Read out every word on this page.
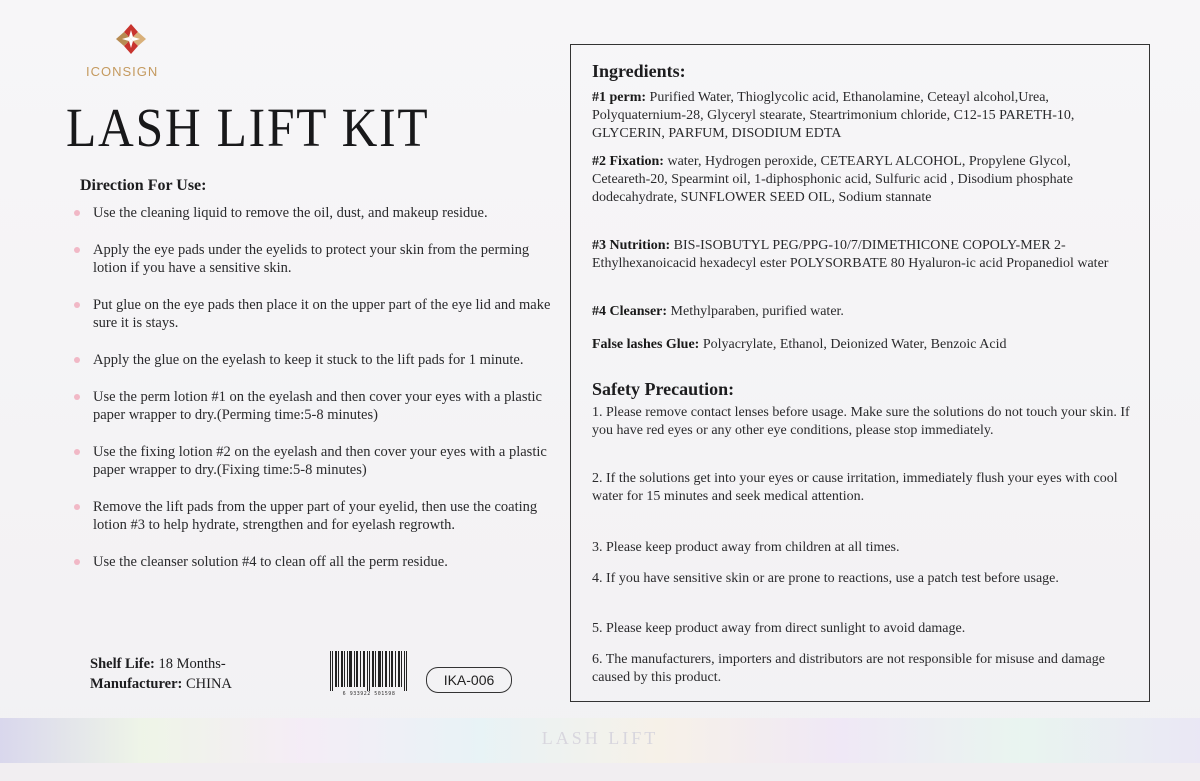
ICONSIGN
LASH LIFT KIT
Direction For Use:
Use the cleaning liquid to remove the oil, dust, and makeup residue.
Apply the eye pads under the eyelids to protect your skin from the perming lotion if you have a sensitive skin.
Put glue on the eye pads then place it on the upper part of the eye lid and make sure it is stays.
Apply the glue on the eyelash to keep it stuck to the lift pads for 1 minute.
Use the perm lotion #1 on the eyelash and then cover your eyes with a plastic paper wrapper to dry.(Perming time:5-8 minutes)
Use the fixing lotion #2 on the eyelash and then cover your eyes with a plastic paper wrapper to dry.(Fixing time:5-8 minutes)
Remove the lift pads from the upper part of your eyelid, then use the coating lotion #3 to help hydrate, strengthen and for eyelash regrowth.
Use the cleanser solution #4 to clean off all the perm residue.
Shelf Life: 18 Months-
Manufacturer: CHINA
6 933922 501598
IKA-006
Ingredients:
#1 perm: Purified Water, Thioglycolic acid, Ethanolamine, Ceteayl alcohol,Urea, Polyquaternium-28, Glyceryl stearate, Steartrimonium chloride, C12-15 PARETH-10, GLYCERIN, PARFUM, DISODIUM EDTA
#2 Fixation: water, Hydrogen peroxide, CETEARYL ALCOHOL, Propylene Glycol, Ceteareth-20, Spearmint oil, 1-diphosphonic acid, Sulfuric acid , Disodium phosphate dodecahydrate, SUNFLOWER SEED OIL, Sodium stannate
#3 Nutrition: BIS-ISOBUTYL PEG/PPG-10/7/DIMETHICONE COPOLY-MER 2-Ethylhexanoicacid hexadecyl ester POLYSORBATE 80 Hyaluron-ic acid Propanediol water
#4 Cleanser: Methylparaben, purified water.
False lashes Glue: Polyacrylate, Ethanol, Deionized Water, Benzoic Acid
Safety Precaution:
1. Please remove contact lenses before usage. Make sure the solutions do not touch your skin. If you have red eyes or any other eye conditions, please stop immediately.
2. If the solutions get into your eyes or cause irritation, immediately flush your eyes with cool water for 15 minutes and seek medical attention.
3. Please keep product away from children at all times.
4. If you have sensitive skin or are prone to reactions, use a patch test before usage.
5. Please keep product away from direct sunlight to avoid damage.
6. The manufacturers, importers and distributors are not responsible for misuse and damage caused by this product.
LASH LIFT
